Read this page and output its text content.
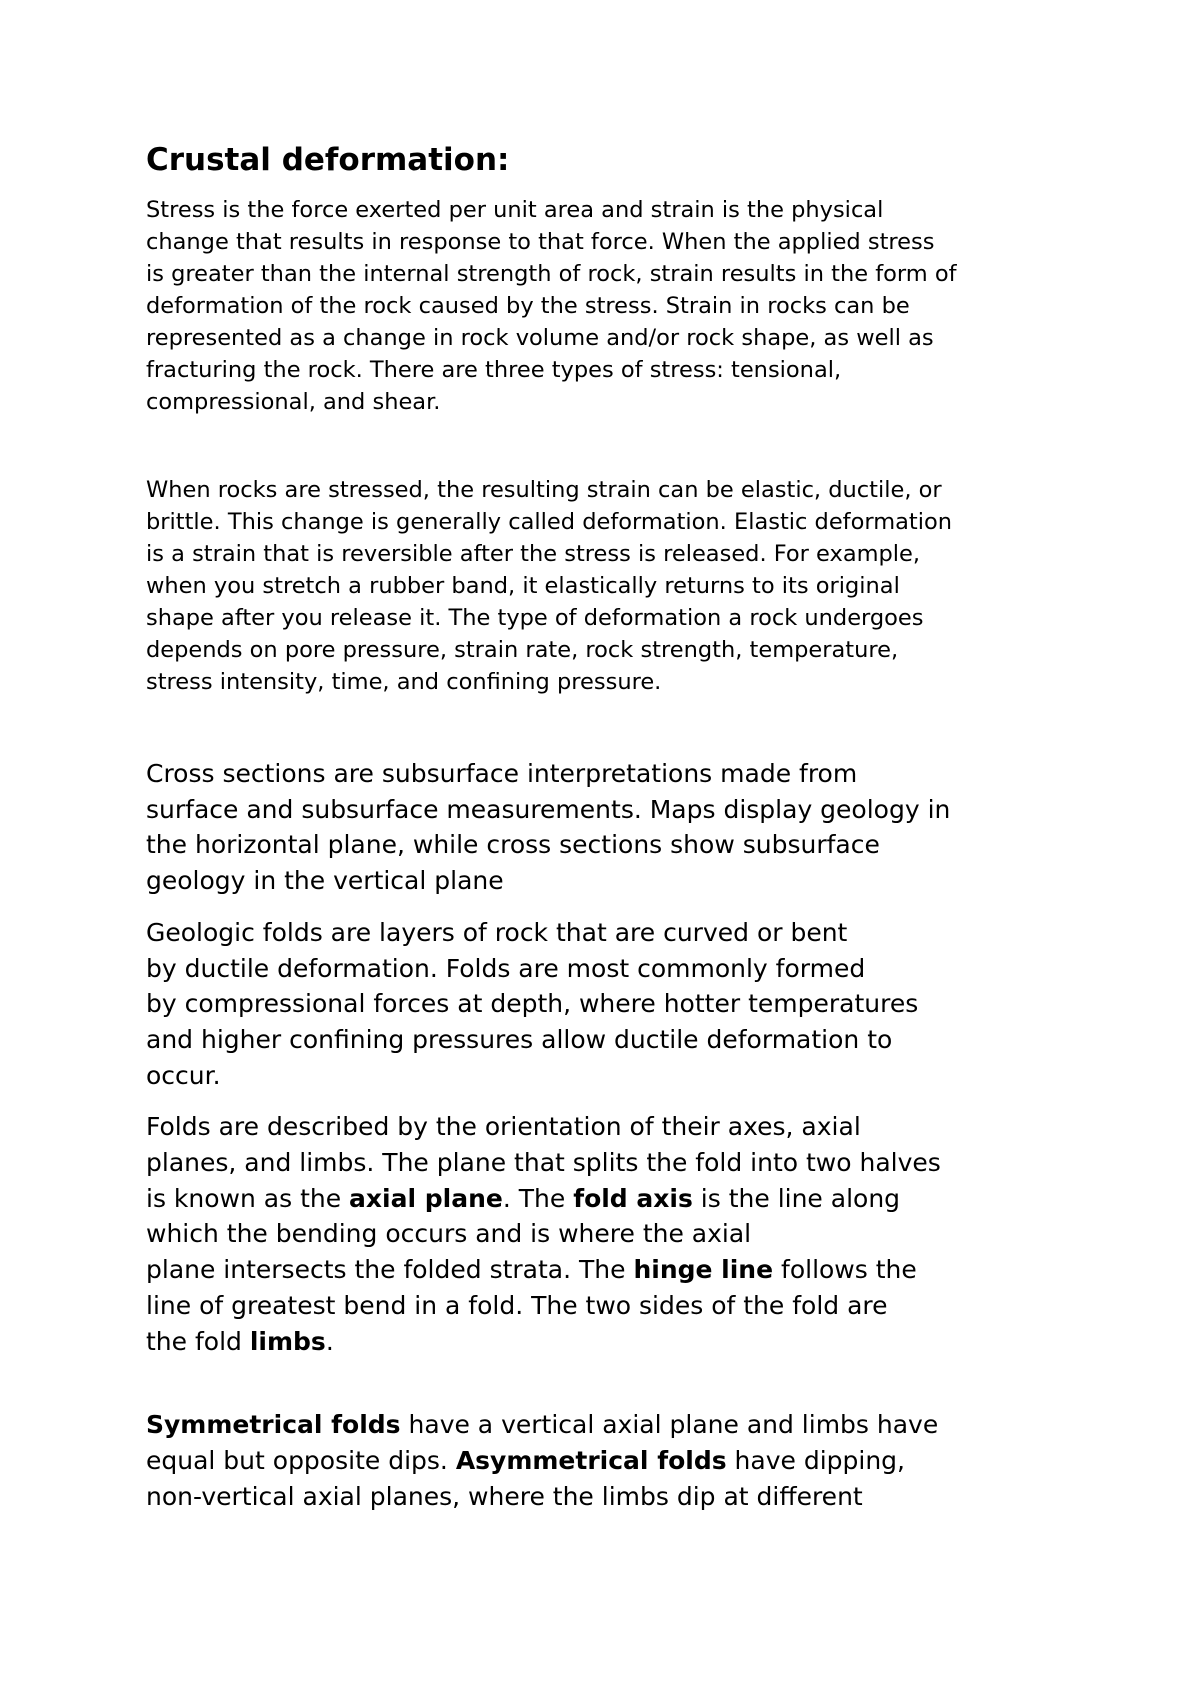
Crustal deformation:

Stress is the force exerted per unit area and strain is the physical
change that results in response to that force. When the applied stress
is greater than the internal strength of rock, strain results in the form of
deformation of the rock caused by the stress. Strain in rocks can be
represented as a change in rock volume and/or rock shape, as well as
fracturing the rock. There are three types of stress: tensional,
compressional, and shear.

When rocks are stressed, the resulting strain can be elastic, ductile, or
brittle. This change is generally called deformation. Elastic deformation
is a strain that is reversible after the stress is released. For example,
when you stretch a rubber band, it elastically returns to its original
shape after you release it. The type of deformation a rock undergoes
depends on pore pressure, strain rate, rock strength, temperature,
stress intensity, time, and confining pressure.

Cross sections are subsurface interpretations made from
surface and subsurface measurements. Maps display geology in
the horizontal plane, while cross sections show subsurface
geology in the vertical plane

Geologic folds are layers of rock that are curved or bent
by ductile deformation. Folds are most commonly formed
by compressional forces at depth, where hotter temperatures
and higher confining pressures allow ductile deformation to
occur.

Folds are described by the orientation of their axes, axial
planes, and limbs. The plane that splits the fold into two halves
is known as the axial plane. The fold axis is the line along
which the bending occurs and is where the axial
plane intersects the folded strata. The hinge line follows the
line of greatest bend in a fold. The two sides of the fold are
the fold limbs.

Symmetrical folds have a vertical axial plane and limbs have
equal but opposite dips. Asymmetrical folds have dipping,
non-vertical axial planes, where the limbs dip at different
